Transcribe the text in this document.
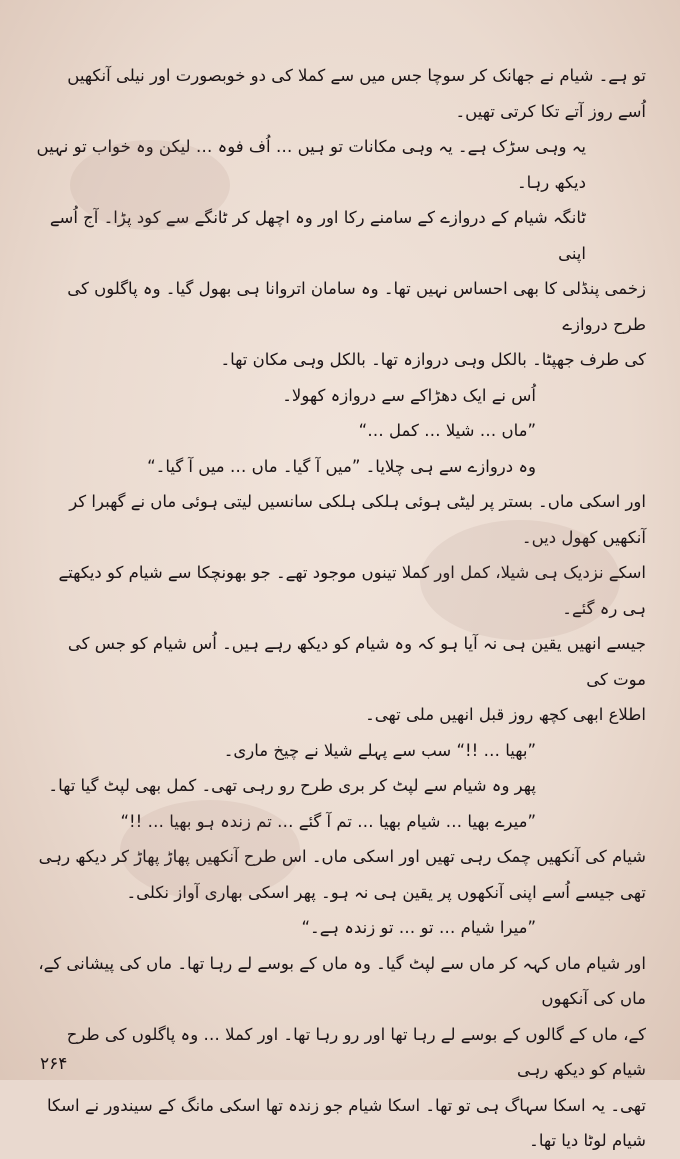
تو ہے۔ شیام نے جھانک کر سوچا جس میں سے کملا کی دو خوبصورت اور نیلی آنکھیں اُسے روز آتے تکا کرتی تھیں۔

یہ وہی سڑک ہے۔ یہ وہی مکانات تو ہیں … اُف فوہ … لیکن وہ خواب تو نہیں دیکھ رہا۔

ٹانگہ شیام کے دروازے کے سامنے رکا اور وہ اچھل کر ٹانگے سے کود پڑا۔ آج اُسے اپنی

زخمی پنڈلی کا بھی احساس نہیں تھا۔ وہ سامان اتروانا ہی بھول گیا۔ وہ پاگلوں کی طرح دروازے

کی طرف جھپٹا۔ بالکل وہی دروازہ تھا۔ بالکل وہی مکان تھا۔

اُس نے ایک دھڑاکے سے دروازہ کھولا۔

”ماں … شیلا … کمل …“

وہ دروازے سے ہی چلایا۔ ”میں آ گیا۔ ماں … میں آ گیا۔“

اور اسکی ماں۔ بستر پر لیٹی ہوئی ہلکی ہلکی سانسیں لیتی ہوئی ماں نے گھبرا کر آنکھیں کھول دیں۔

اسکے نزدیک ہی شیلا، کمل اور کملا تینوں موجود تھے۔ جو بھونچکا سے شیام کو دیکھتے ہی رہ گئے۔

جیسے انھیں یقین ہی نہ آیا ہو کہ وہ شیام کو دیکھ رہے ہیں۔ اُس شیام کو جس کی موت کی

اطلاع ابھی کچھ روز قبل انھیں ملی تھی۔

”بھیا … !!“ سب سے پہلے شیلا نے چیخ ماری۔

پھر وہ شیام سے لپٹ کر بری طرح رو رہی تھی۔ کمل بھی لپٹ گیا تھا۔

”میرے بھیا … شیام بھیا … تم آ گئے … تم زندہ ہو بھیا … !!“

شیام کی آنکھیں چمک رہی تھیں اور اسکی ماں۔ اس طرح آنکھیں پھاڑ پھاڑ کر دیکھ رہی

تھی جیسے اُسے اپنی آنکھوں پر یقین ہی نہ ہو۔ پھر اسکی بھاری آواز نکلی۔

”میرا شیام … تو … تو زندہ ہے۔“

اور شیام ماں کہہ کر ماں سے لپٹ گیا۔ وہ ماں کے بوسے لے رہا تھا۔ ماں کی پیشانی کے، ماں کی آنکھوں

کے، ماں کے گالوں کے بوسے لے رہا تھا اور رو رہا تھا۔ اور کملا … وہ پاگلوں کی طرح شیام کو دیکھ رہی

تھی۔ یہ اسکا سہاگ ہی تو تھا۔ اسکا شیام جو زندہ تھا اسکی مانگ کے سیندور نے اسکا شیام لوٹا دیا تھا۔

۲۶۴
